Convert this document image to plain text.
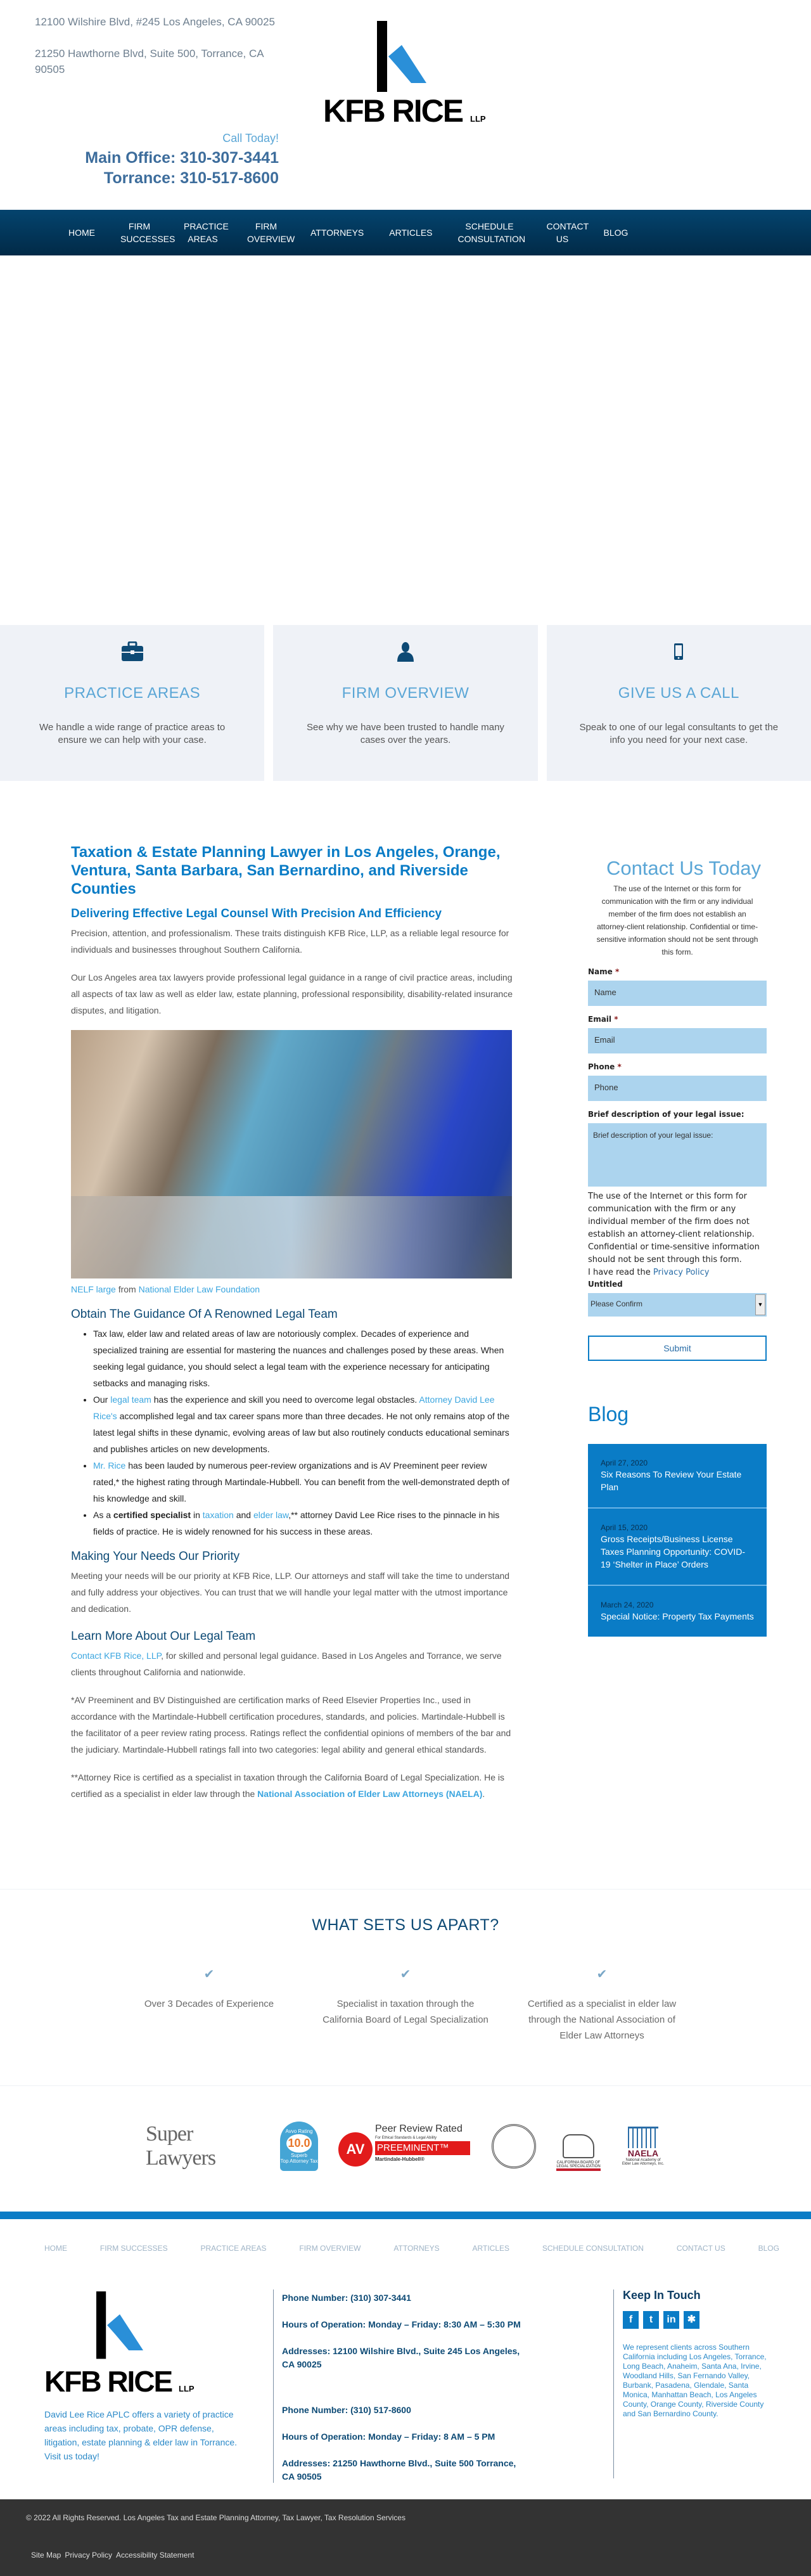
12100 Wilshire Blvd, #245 Los Angeles, CA 90025

21250 Hawthorne Blvd, Suite 500, Torrance, CA 90505

Call Today!
Main Office: 310-307-3441
Torrance: 310-517-8600
KFB RICE LLP
HOME
FIRM SUCCESSES
PRACTICE AREAS
FIRM OVERVIEW
ATTORNEYS	ARTICLES
SCHEDULE CONSULTATION
CONTACT US
BLOG
PRACTICE AREAS

We handle a wide range of practice areas to ensure we can help with your case.

FIRM OVERVIEW

See why we have been trusted to handle many cases over the years.

GIVE US A CALL

Speak to one of our legal consultants to get the info you need for your next case.

Taxation & Estate Planning Lawyer in Los Angeles, Orange, Ventura, Santa Barbara, San Bernardino, and Riverside Counties
Delivering Effective Legal Counsel With Precision And Efficiency

Precision, attention, and professionalism. These traits distinguish KFB Rice, LLP, as a reliable legal resource for individuals and businesses throughout Southern California.

Our Los Angeles area tax lawyers provide professional legal guidance in a range of civil practice areas, including all aspects of tax law as well as elder law, estate planning, professional responsibility, disability-related insurance disputes, and litigation.

NELF large from National Elder Law Foundation

Obtain The Guidance Of A Renowned Legal Team
• Tax law, elder law and related areas of law are notoriously complex. Decades of experience and specialized training are essential for mastering the nuances and challenges posed by these areas. When seeking legal guidance, you should select a legal team with the experience necessary for anticipating setbacks and managing risks.
• Our legal team has the experience and skill you need to overcome legal obstacles. Attorney David Lee Rice's accomplished legal and tax career spans more than three decades. He not only remains atop of the latest legal shifts in these dynamic, evolving areas of law but also routinely conducts educational seminars and publishes articles on new developments.
• Mr. Rice has been lauded by numerous peer-review organizations and is AV Preeminent peer review rated,* the highest rating through Martindale-Hubbell. You can benefit from the well-demonstrated depth of his knowledge and skill.
• As a certified specialist in taxation and elder law,** attorney David Lee Rice rises to the pinnacle in his fields of practice. He is widely renowned for his success in these areas.
Making Your Needs Our Priority

Meeting your needs will be our priority at KFB Rice, LLP. Our attorneys and staff will take the time to understand and fully address your objectives. You can trust that we will handle your legal matter with the utmost importance and dedication.

Learn More About Our Legal Team

Contact KFB Rice, LLP, for skilled and personal legal guidance. Based in Los Angeles and Torrance, we serve clients throughout California and nationwide.

*AV Preeminent and BV Distinguished are certification marks of Reed Elsevier Properties Inc., used in accordance with the Martindale-Hubbell certification procedures, standards, and policies. Martindale-Hubbell is the facilitator of a peer review rating process. Ratings reflect the confidential opinions of members of the bar and the judiciary. Martindale-Hubbell ratings fall into two categories: legal ability and general ethical standards.

**Attorney Rice is certified as a specialist in taxation through the California Board of Legal Specialization. He is certified as a specialist in elder law through the National Association of Elder Law Attorneys (NAELA).

Contact Us Today

The use of the Internet or this form for communication with the firm or any individual member of the firm does not establish an attorney-client relationship. Confidential or time-sensitive information should not be sent through this form.

Name *
Name
Email *
Email
Phone *
Phone
Brief description of your legal issue:
Brief description of your legal issue:

The use of the Internet or this form for communication with the firm or any individual member of the firm does not establish an attorney-client relationship. Confidential or time-sensitive information should not be sent through this form.

I have read the Privacy Policy

Untitled
Please Confirm	▼
Submit
Blog
April 27, 2020
Six Reasons To Review Your Estate Plan
April 15, 2020
Gross Receipts/Business License Taxes Planning Opportunity: COVID-19 ‘Shelter in Place’ Orders
March 24, 2020
Special Notice: Property Tax Payments
WHAT SETS US APART?
✔

Over 3 Decades of Experience

✔

Specialist in taxation through the California Board of Legal Specialization

✔

Certified as a specialist in elder law through the National Association of Elder Law Attorneys

Super Lawyers
Avvo Rating
10.0
Superb
Top Attorney Tax
AV
Peer Review Rated
For Ethical Standards & Legal Ability
PREEMINENT™
Martindale-Hubbell®
CALIFORNIA BOARD OF LEGAL SPECIALIZATION
NAELA
National Academy of Elder Law Attorneys, Inc.
HOME	FIRM SUCCESSES	PRACTICE AREAS	FIRM OVERVIEW	ATTORNEYS	ARTICLES	SCHEDULE CONSULTATION	CONTACT US	BLOG
KFB RICE LLP

David Lee Rice APLC offers a variety of practice areas including tax, probate, OPR defense, litigation, estate planning & elder law in Torrance. Visit us today!

Phone Number: (310) 307-3441

Hours of Operation: Monday – Friday: 8:30 AM – 5:30 PM

Addresses: 12100 Wilshire Blvd., Suite 245 Los Angeles, CA 90025

Phone Number: (310) 517-8600

Hours of Operation: Monday – Friday: 8 AM – 5 PM

Addresses: 21250 Hawthorne Blvd., Suite 500 Torrance, CA 90505

Keep In Touch
f	t	in	✱

We represent clients across Southern California including Los Angeles, Torrance, Long Beach, Anaheim, Santa Ana, Irvine, Woodland Hills, San Fernando Valley, Burbank, Pasadena, Glendale, Santa Monica, Manhattan Beach, Los Angeles County, Orange County, Riverside County and San Bernardino County.

© 2022 All Rights Reserved. Los Angeles Tax and Estate Planning Attorney, Tax Lawyer, Tax Resolution Services
Site Map Privacy Policy Accessibility Statement
